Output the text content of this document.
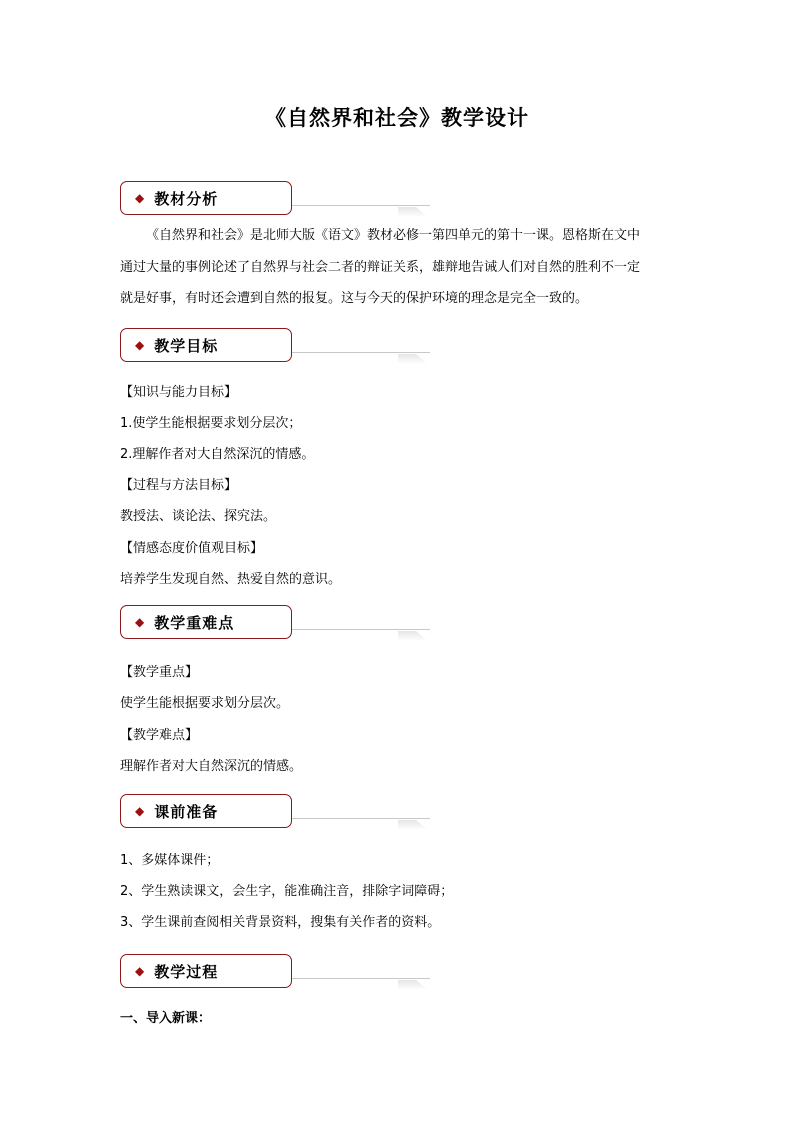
《自然界和社会》教学设计
◆ 教材分析
《自然界和社会》是北师大版《语文》教材必修一第四单元的第十一课。恩格斯在文中
通过大量的事例论述了自然界与社会二者的辩证关系，雄辩地告诫人们对自然的胜利不一定
就是好事，有时还会遭到自然的报复。这与今天的保护环境的理念是完全一致的。
◆ 教学目标
【知识与能力目标】
1.使学生能根据要求划分层次；
2.理解作者对大自然深沉的情感。
【过程与方法目标】
教授法、谈论法、探究法。
【情感态度价值观目标】
培养学生发现自然、热爱自然的意识。
◆ 教学重难点
【教学重点】
使学生能根据要求划分层次。
【教学难点】
理解作者对大自然深沉的情感。
◆ 课前准备
1、多媒体课件；
2、学生熟读课文，会生字，能准确注音，排除字词障碍；
3、学生课前查阅相关背景资料，搜集有关作者的资料。
◆ 教学过程
一、导入新课：
